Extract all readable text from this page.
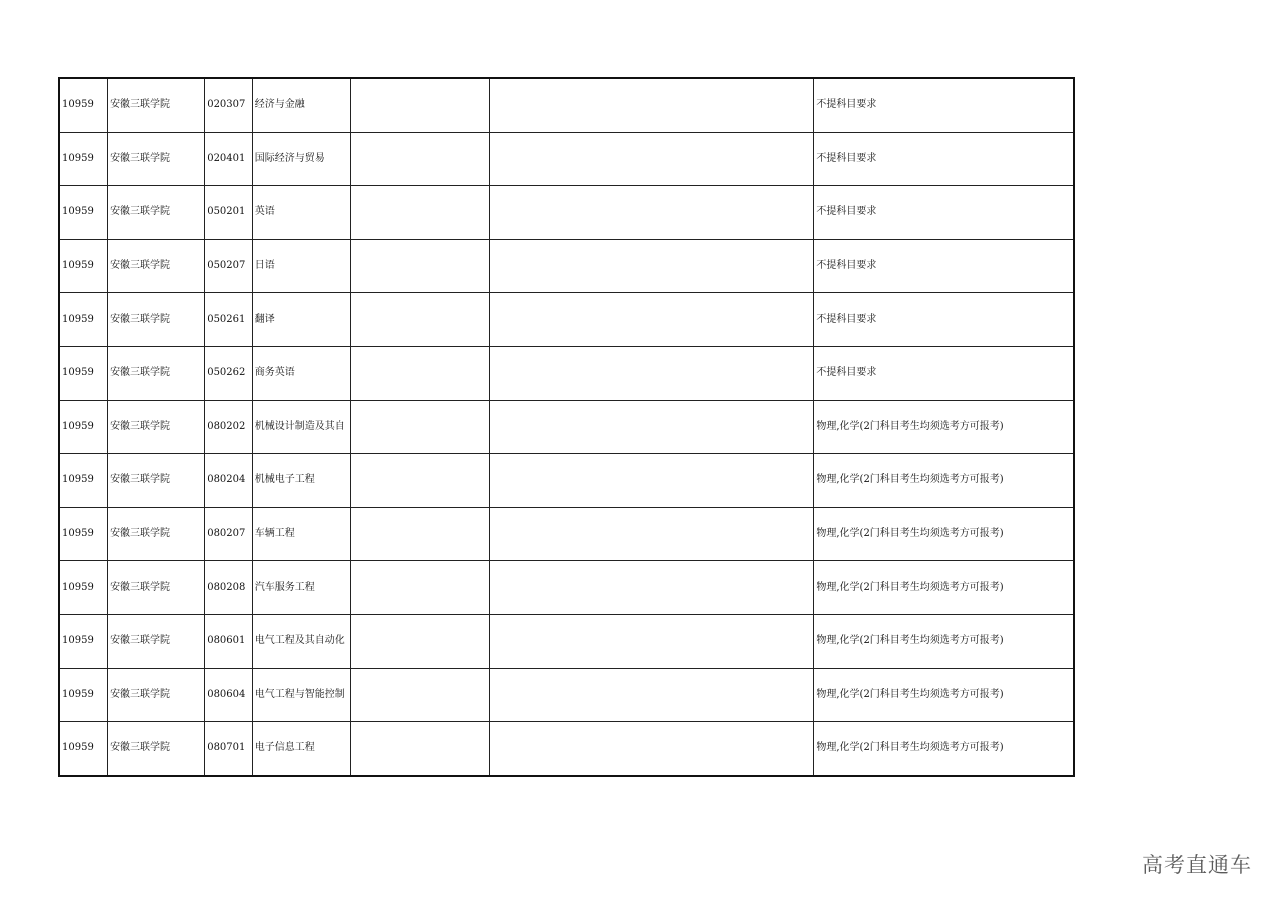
10959	安徽三联学院	020307	经济与金融			不提科目要求
10959	安徽三联学院	020401	国际经济与贸易			不提科目要求
10959	安徽三联学院	050201	英语			不提科目要求
10959	安徽三联学院	050207	日语			不提科目要求
10959	安徽三联学院	050261	翻译			不提科目要求
10959	安徽三联学院	050262	商务英语			不提科目要求
10959	安徽三联学院	080202	机械设计制造及其自			物理,化学(2门科目考生均须选考方可报考)
10959	安徽三联学院	080204	机械电子工程			物理,化学(2门科目考生均须选考方可报考)
10959	安徽三联学院	080207	车辆工程			物理,化学(2门科目考生均须选考方可报考)
10959	安徽三联学院	080208	汽车服务工程			物理,化学(2门科目考生均须选考方可报考)
10959	安徽三联学院	080601	电气工程及其自动化			物理,化学(2门科目考生均须选考方可报考)
10959	安徽三联学院	080604	电气工程与智能控制			物理,化学(2门科目考生均须选考方可报考)
10959	安徽三联学院	080701	电子信息工程			物理,化学(2门科目考生均须选考方可报考)
高考直通车
